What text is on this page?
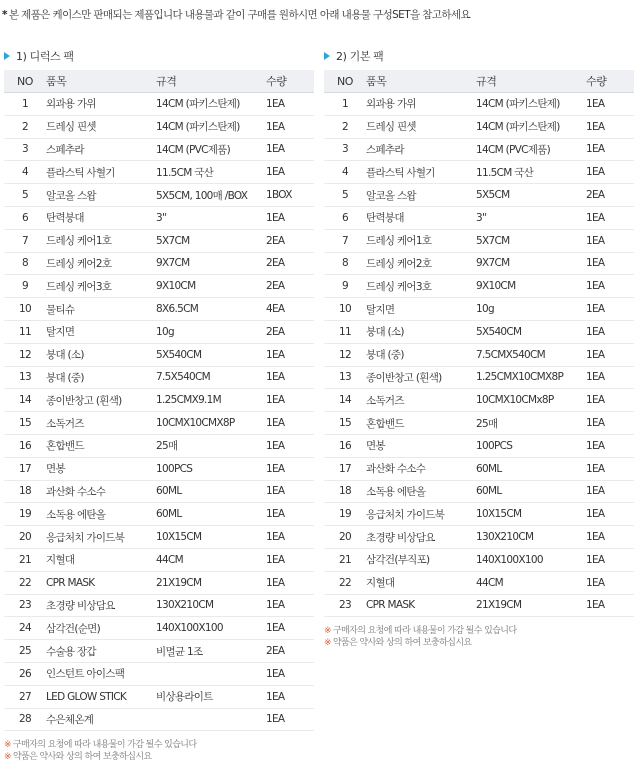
* 본 제품은 케이스만 판매되는 제품입니다 내용물과 같이 구매를 원하시면 아래 내용물 구성SET을 참고하세요
1) 디럭스 팩
NO	품목	규격	수량
1	외과용 가위	14CM (파키스탄제)	1EA
2	드레싱 핀셋	14CM (파키스탄제)	1EA
3	스페추라	14CM (PVC제품)	1EA
4	플라스틱 사혈기	11.5CM 국산	1EA
5	알코올 스왑	5X5CM, 100매 /BOX	1BOX
6	탄력붕대	3"	1EA
7	드레싱 케어1호	5X7CM	2EA
8	드레싱 케어2호	9X7CM	2EA
9	드레싱 케어3호	9X10CM	2EA
10	물티슈	8X6.5CM	4EA
11	탈지면	10g	2EA
12	붕대 (소)	5X540CM	1EA
13	붕대 (중)	7.5X540CM	1EA
14	종이반창고 (흰색)	1.25CMX9.1M	1EA
15	소독거즈	10CMX10CMX8P	1EA
16	혼합밴드	25매	1EA
17	면봉	100PCS	1EA
18	과산화 수소수	60ML	1EA
19	소독용 에탄올	60ML	1EA
20	응급처치 가이드북	10X15CM	1EA
21	지혈대	44CM	1EA
22	CPR MASK	21X19CM	1EA
23	초경량 비상담요	130X210CM	1EA
24	삼각건(순면)	140X100X100	1EA
25	수술용 장갑	비멸균 1조	2EA
26	인스턴트 아이스팩		1EA
27	LED GLOW STICK	비상용라이트	1EA
28	수은체온계		1EA
※ 구매자의 요청에 따라 내용물이 가감 될수 있습니다
※ 약품은 약사와 상의 하여 보충하십시요
2) 기본 팩
NO	품목	규격	수량
1	외과용 가위	14CM (파키스탄제)	1EA
2	드레싱 핀셋	14CM (파키스탄제)	1EA
3	스페추라	14CM (PVC제품)	1EA
4	플라스틱 사혈기	11.5CM 국산	1EA
5	알코올 스왑	5X5CM	2EA
6	탄력붕대	3"	1EA
7	드레싱 케어1호	5X7CM	1EA
8	드레싱 케어2호	9X7CM	1EA
9	드레싱 케어3호	9X10CM	1EA
10	탈지면	10g	1EA
11	붕대 (소)	5X540CM	1EA
12	붕대 (중)	7.5CMX540CM	1EA
13	종이반창고 (흰색)	1.25CMX10CMX8P	1EA
14	소독거즈	10CMX10CMx8P	1EA
15	혼합밴드	25매	1EA
16	면봉	100PCS	1EA
17	과산화 수소수	60ML	1EA
18	소독용 에탄올	60ML	1EA
19	응급처치 가이드북	10X15CM	1EA
20	초경량 비상담요	130X210CM	1EA
21	삼각건(부직포)	140X100X100	1EA
22	지혈대	44CM	1EA
23	CPR MASK	21X19CM	1EA
※ 구매자의 요청에 따라 내용물이 가감 될수 있습니다
※ 약품은 약사와 상의 하여 보충하십시요
